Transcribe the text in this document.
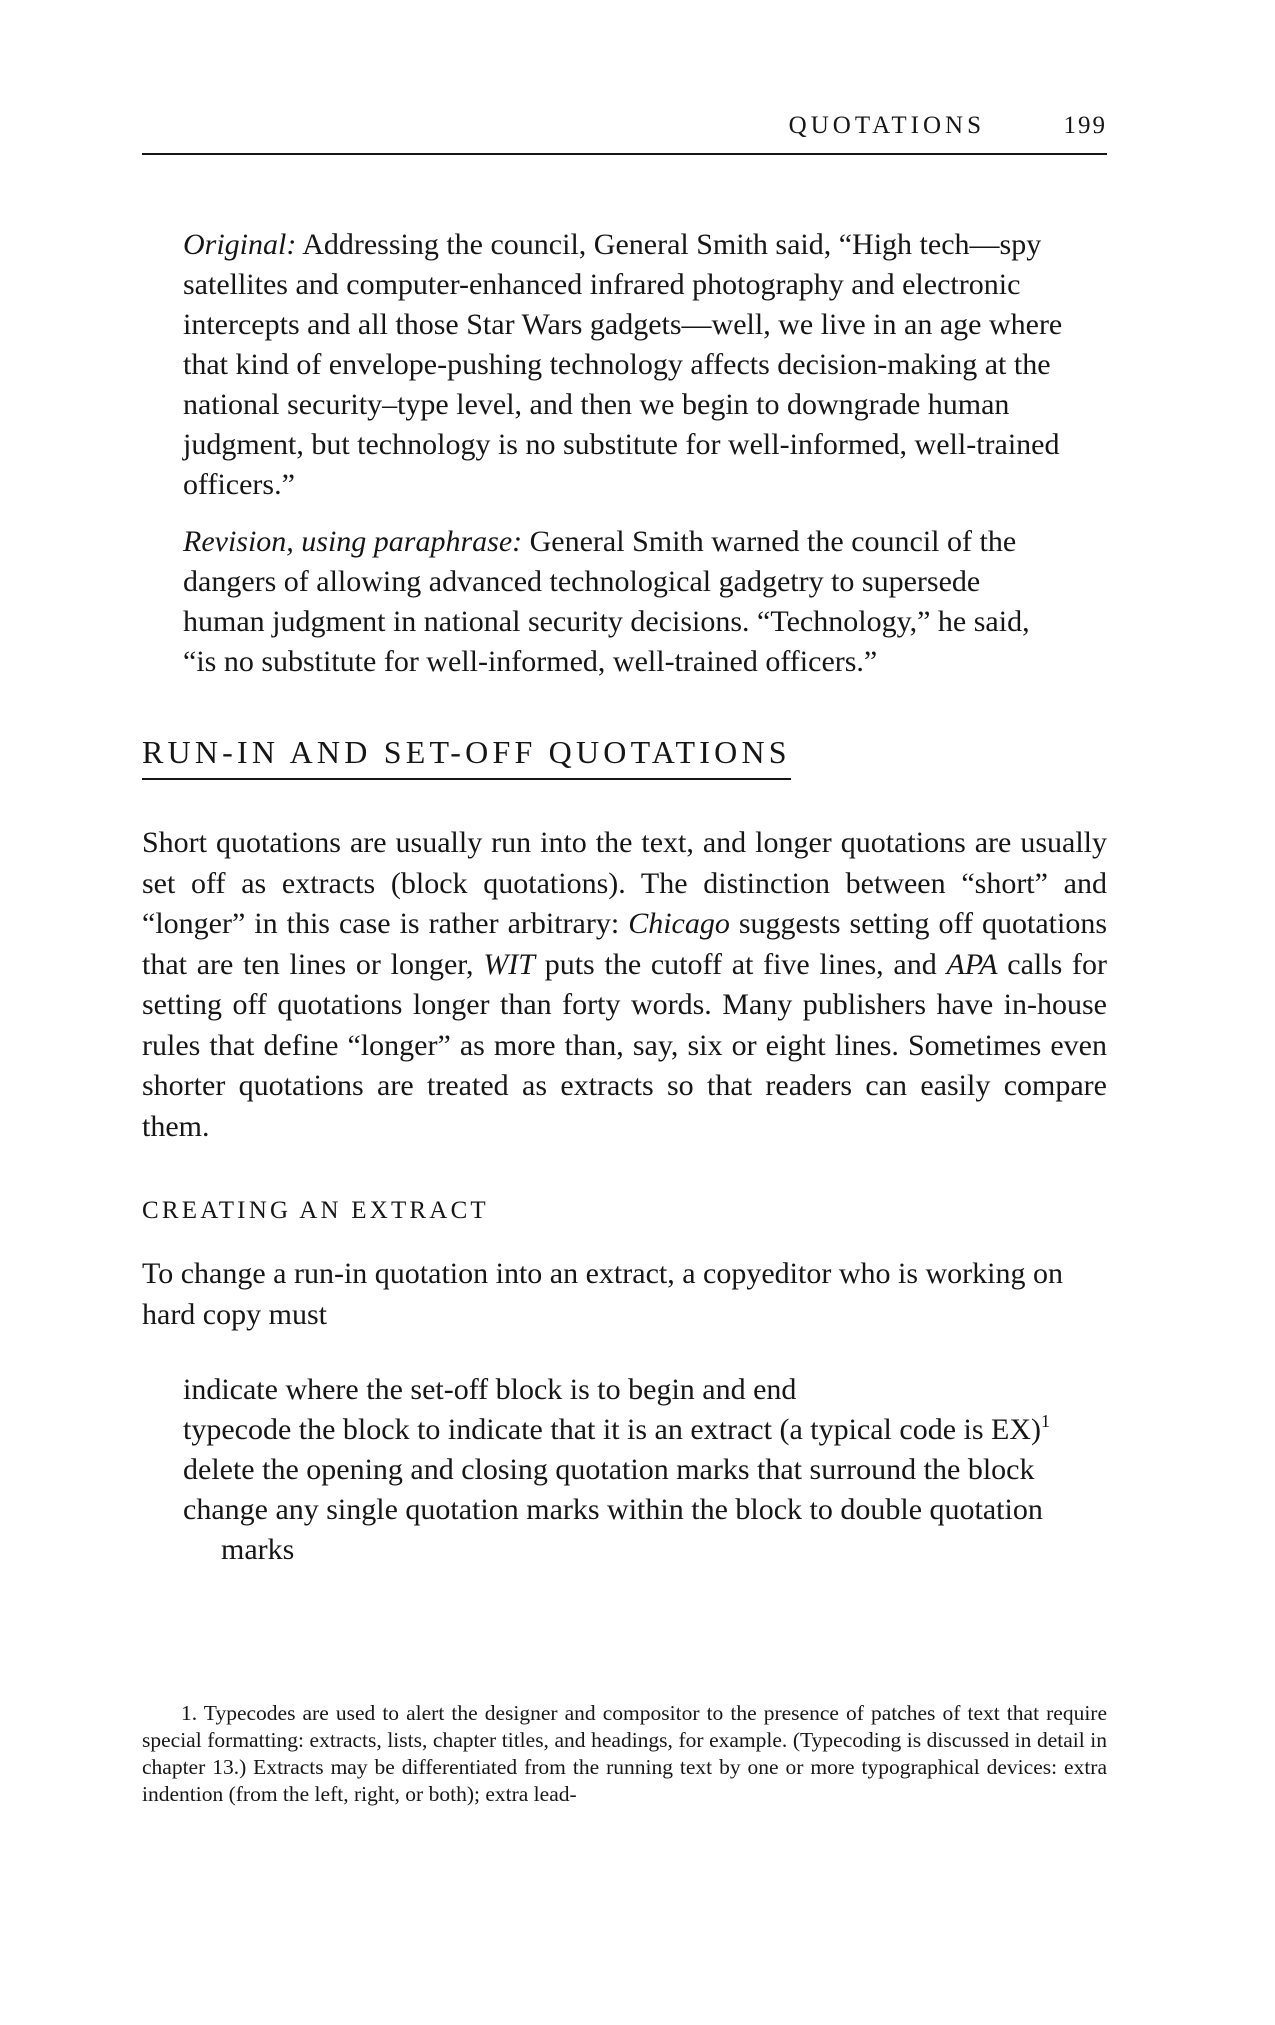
QUOTATIONS	199

Original: Addressing the council, General Smith said, “High tech—spy satellites and computer-enhanced infrared photography and electronic intercepts and all those Star Wars gadgets—well, we live in an age where that kind of envelope-pushing technology affects decision-making at the national security–type level, and then we begin to downgrade human judgment, but technology is no substitute for well-informed, well-trained officers.”

Revision, using paraphrase: General Smith warned the council of the dangers of allowing advanced technological gadgetry to supersede human judgment in national security decisions. “Technology,” he said, “is no substitute for well-informed, well-trained officers.”

RUN-IN AND SET-OFF QUOTATIONS

Short quotations are usually run into the text, and longer quotations are usually set off as extracts (block quotations). The distinction between “short” and “longer” in this case is rather arbitrary: Chicago suggests setting off quotations that are ten lines or longer, WIT puts the cutoff at five lines, and APA calls for setting off quotations longer than forty words. Many publishers have in-house rules that define “longer” as more than, say, six or eight lines. Sometimes even shorter quotations are treated as extracts so that readers can easily compare them.

CREATING AN EXTRACT

To change a run-in quotation into an extract, a copyeditor who is working on hard copy must

indicate where the set-off block is to begin and end
typecode the block to indicate that it is an extract (a typical code is EX)$^1$
delete the opening and closing quotation marks that surround the block
change any single quotation marks within the block to double quotation marks

1. Typecodes are used to alert the designer and compositor to the presence of patches of text that require special formatting: extracts, lists, chapter titles, and headings, for example. (Typecoding is discussed in detail in chapter 13.) Extracts may be differentiated from the running text by one or more typographical devices: extra indention (from the left, right, or both); extra lead-
